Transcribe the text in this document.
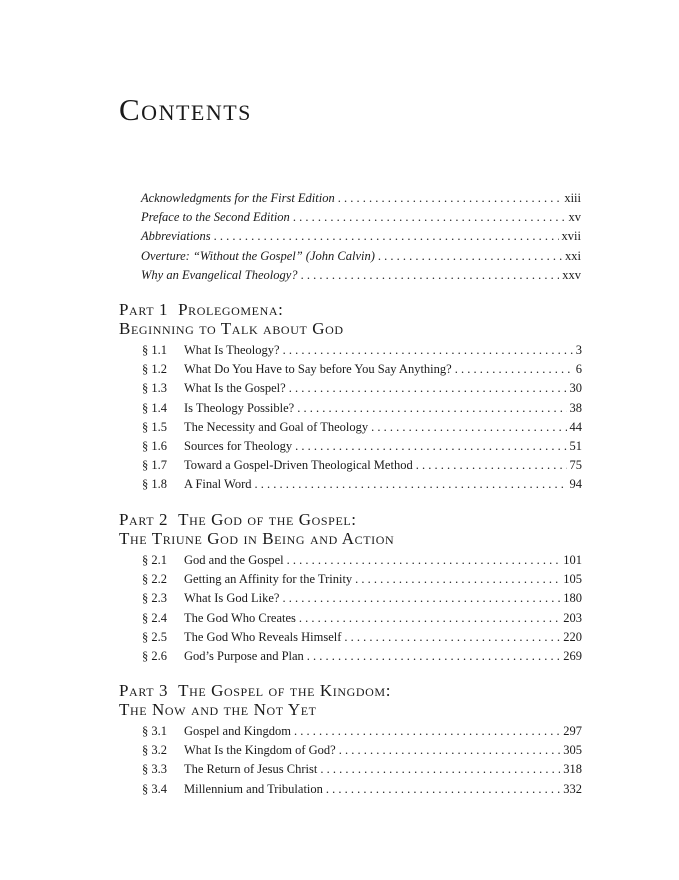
Contents
Acknowledgments for the First Edition . . .	xiii
Preface to the Second Edition . . .	xv
Abbreviations . . .	xvii
Overture: “Without the Gospel” (John Calvin) . . .	xxi
Why an Evangelical Theology? . . .	xxv
Part 1 Prolegomena:
Beginning to Talk about God
§ 1.1	What Is Theology? . . .	3
§ 1.2	What Do You Have to Say before You Say Anything? . . .	6
§ 1.3	What Is the Gospel? . . .	30
§ 1.4	Is Theology Possible? . . .	38
§ 1.5	The Necessity and Goal of Theology . . .	44
§ 1.6	Sources for Theology . . .	51
§ 1.7	Toward a Gospel-Driven Theological Method . . .	75
§ 1.8	A Final Word . . .	94
Part 2 The God of the Gospel:
The Triune God in Being and Action
§ 2.1	God and the Gospel . . .	101
§ 2.2	Getting an Affinity for the Trinity . . .	105
§ 2.3	What Is God Like? . . .	180
§ 2.4	The God Who Creates . . .	203
§ 2.5	The God Who Reveals Himself . . .	220
§ 2.6	God’s Purpose and Plan . . .	269
Part 3 The Gospel of the Kingdom:
The Now and the Not Yet
§ 3.1	Gospel and Kingdom . . .	297
§ 3.2	What Is the Kingdom of God? . . .	305
§ 3.3	The Return of Jesus Christ . . .	318
§ 3.4	Millennium and Tribulation . . .	332
